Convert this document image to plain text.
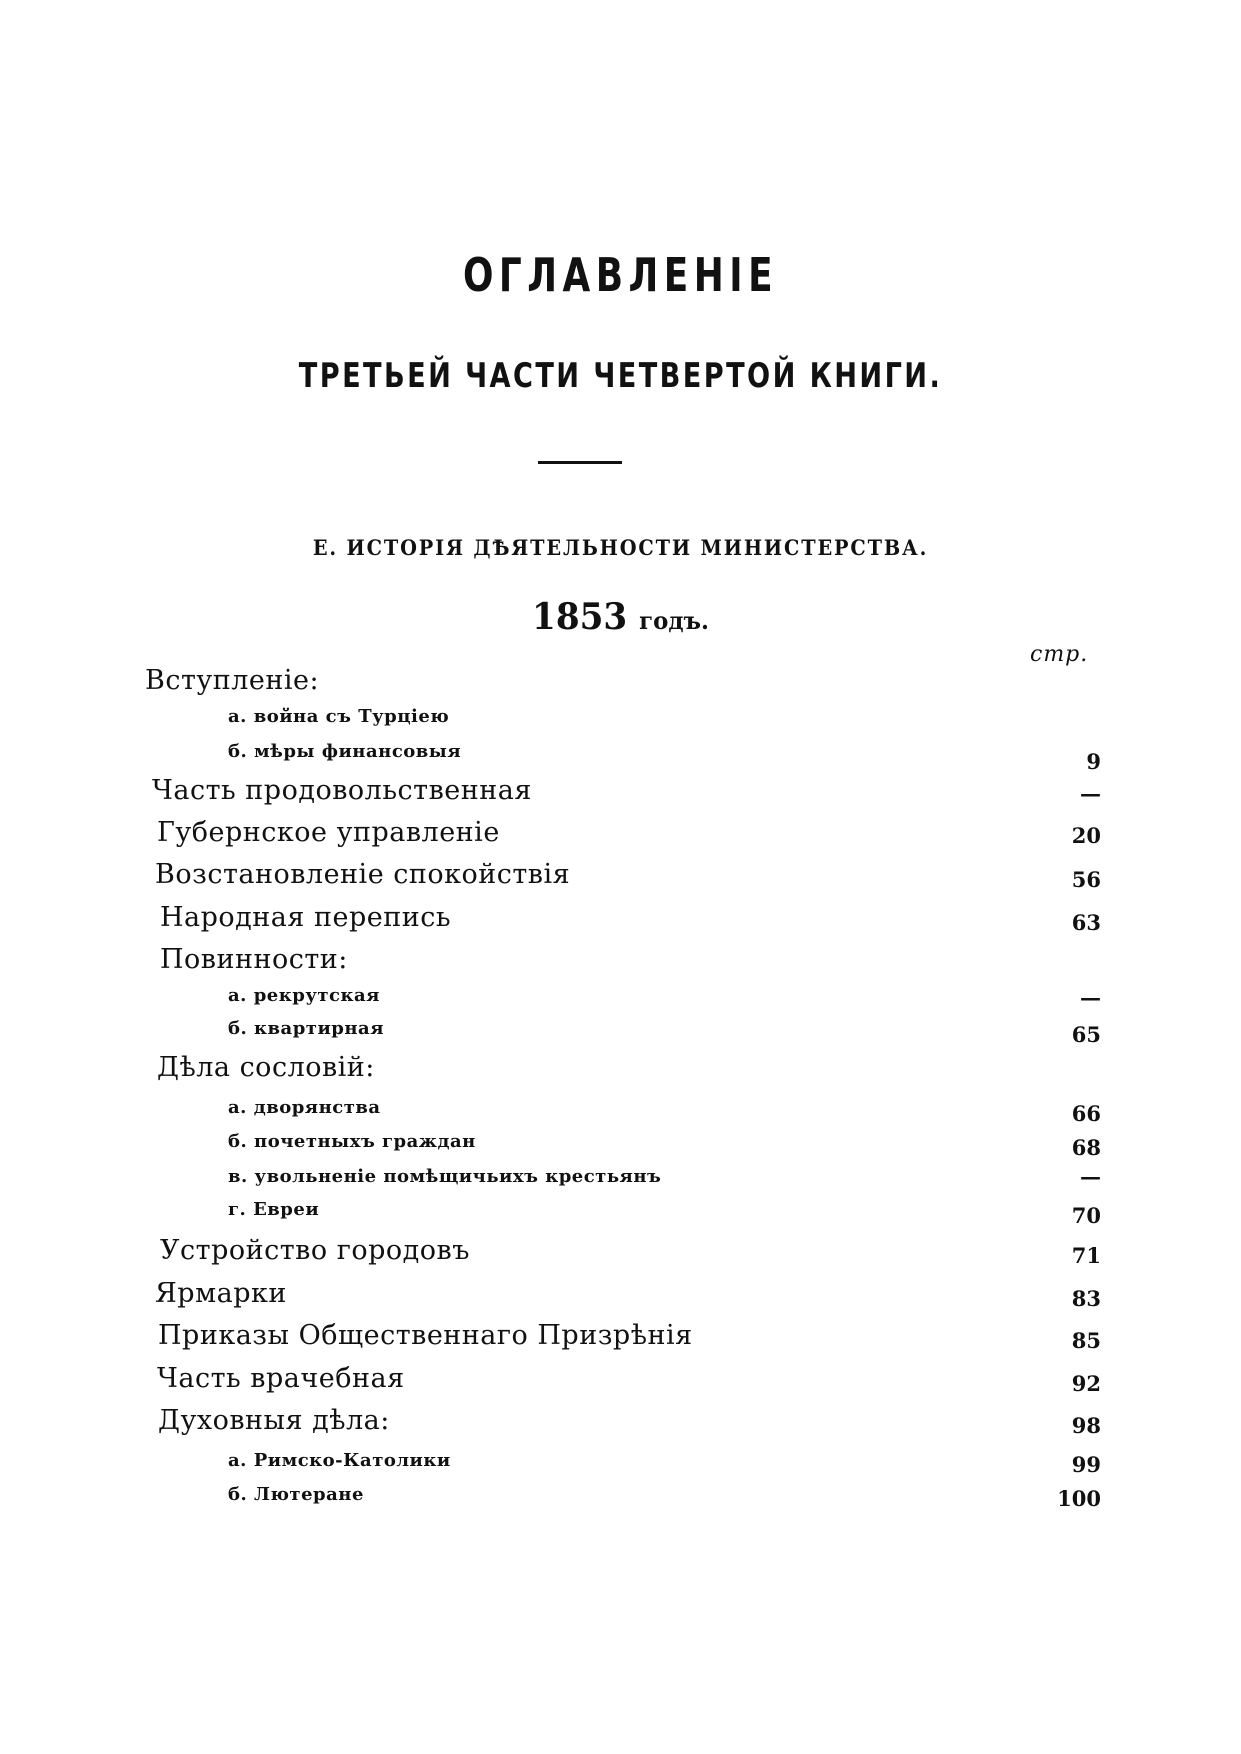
ОГЛАВЛЕНІЕ
ТРЕТЬЕЙ ЧАСТИ ЧЕТВЕРТОЙ КНИГИ.
Е. ИСТОРІЯ ДѢЯТЕЛЬНОСТИ МИНИСТЕРСТВА.
1853 годъ.
стр.
Вступленіе:
а. война съ Турціею
б. мѣры финансовыя	9
Часть продовольственная	—
Губернское управленіе	20
Возстановленіе спокойствія	56
Народная перепись	63
Повинности:
а. рекрутская	—
б. квартирная	65
Дѣла сословій:
а. дворянства	66
б. почетныхъ граждан	68
в. увольненіе помѣщичьихъ крестьянъ	—
г. Евреи	70
Устройство городовъ	71
Ярмарки	83
Приказы Общественнаго Призрѣнія	85
Часть врачебная	92
Духовныя дѣла:	98
а. Римско-Католики	99
б. Лютеране	100
